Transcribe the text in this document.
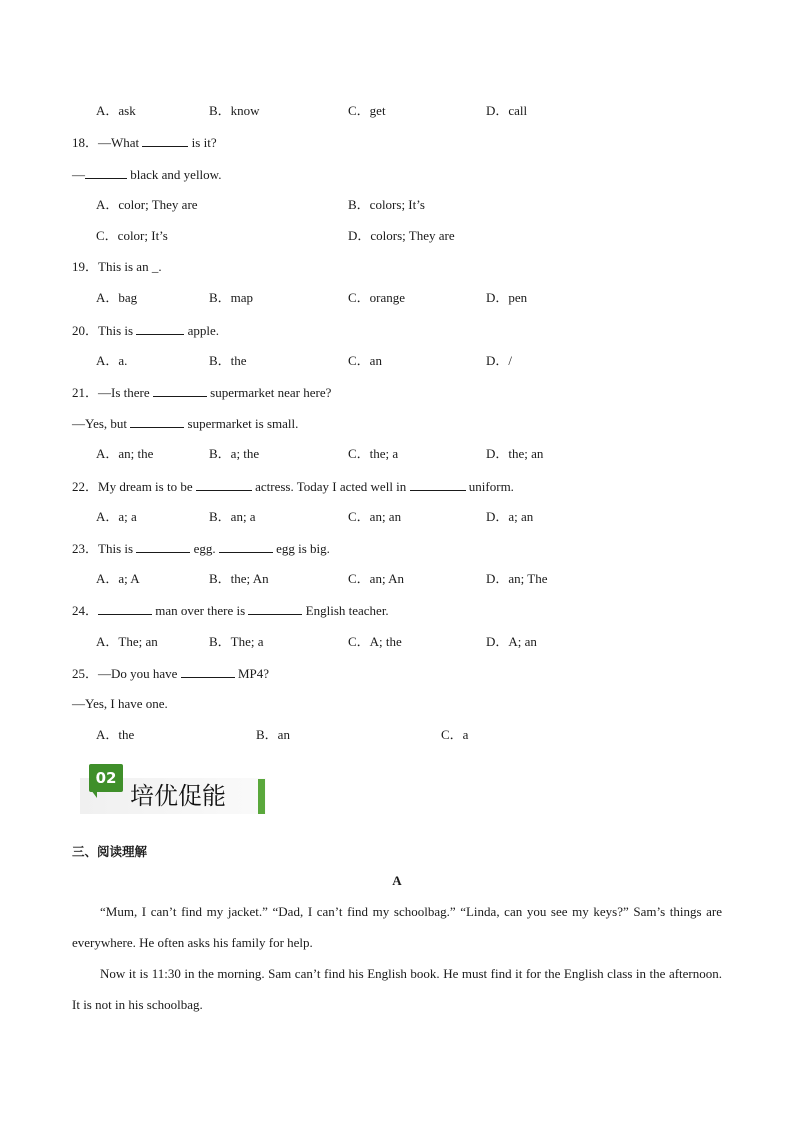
A．ask	B．know	C．get	D．call
18．—What	is it?
—	black and yellow.
A．color; They are	B．colors; It’s
C．color; It’s	D．colors; They are
19．This is an _.
A．bag	B．map	C．orange	D．pen
20．This is	apple.
A．a.	B．the	C．an	D．/
21．—Is there	supermarket near here?
—Yes, but	supermarket is small.
A．an; the	B．a; the	C．the; a	D．the; an
22．My dream is to be	actress. Today I acted well in	uniform.
A．a; a	B．an; a	C．an; an	D．a; an
23．This is	egg.	egg is big.
A．a; A	B．the; An	C．an; An	D．an; The
24．	man over there is	English teacher.
A．The; an	B．The; a	C．A; the	D．A; an
25．—Do you have	MP4?
—Yes, I have one.
A．the	B．an	C．a
02
培优促能
三、阅读理解
A
“Mum, I can’t find my jacket.” “Dad, I can’t find my schoolbag.” “Linda, can you see my keys?” Sam’s things are everywhere. He often asks his family for help.
Now it is 11:30 in the morning. Sam can’t find his English book. He must find it for the English class in the afternoon. It is not in his schoolbag.
